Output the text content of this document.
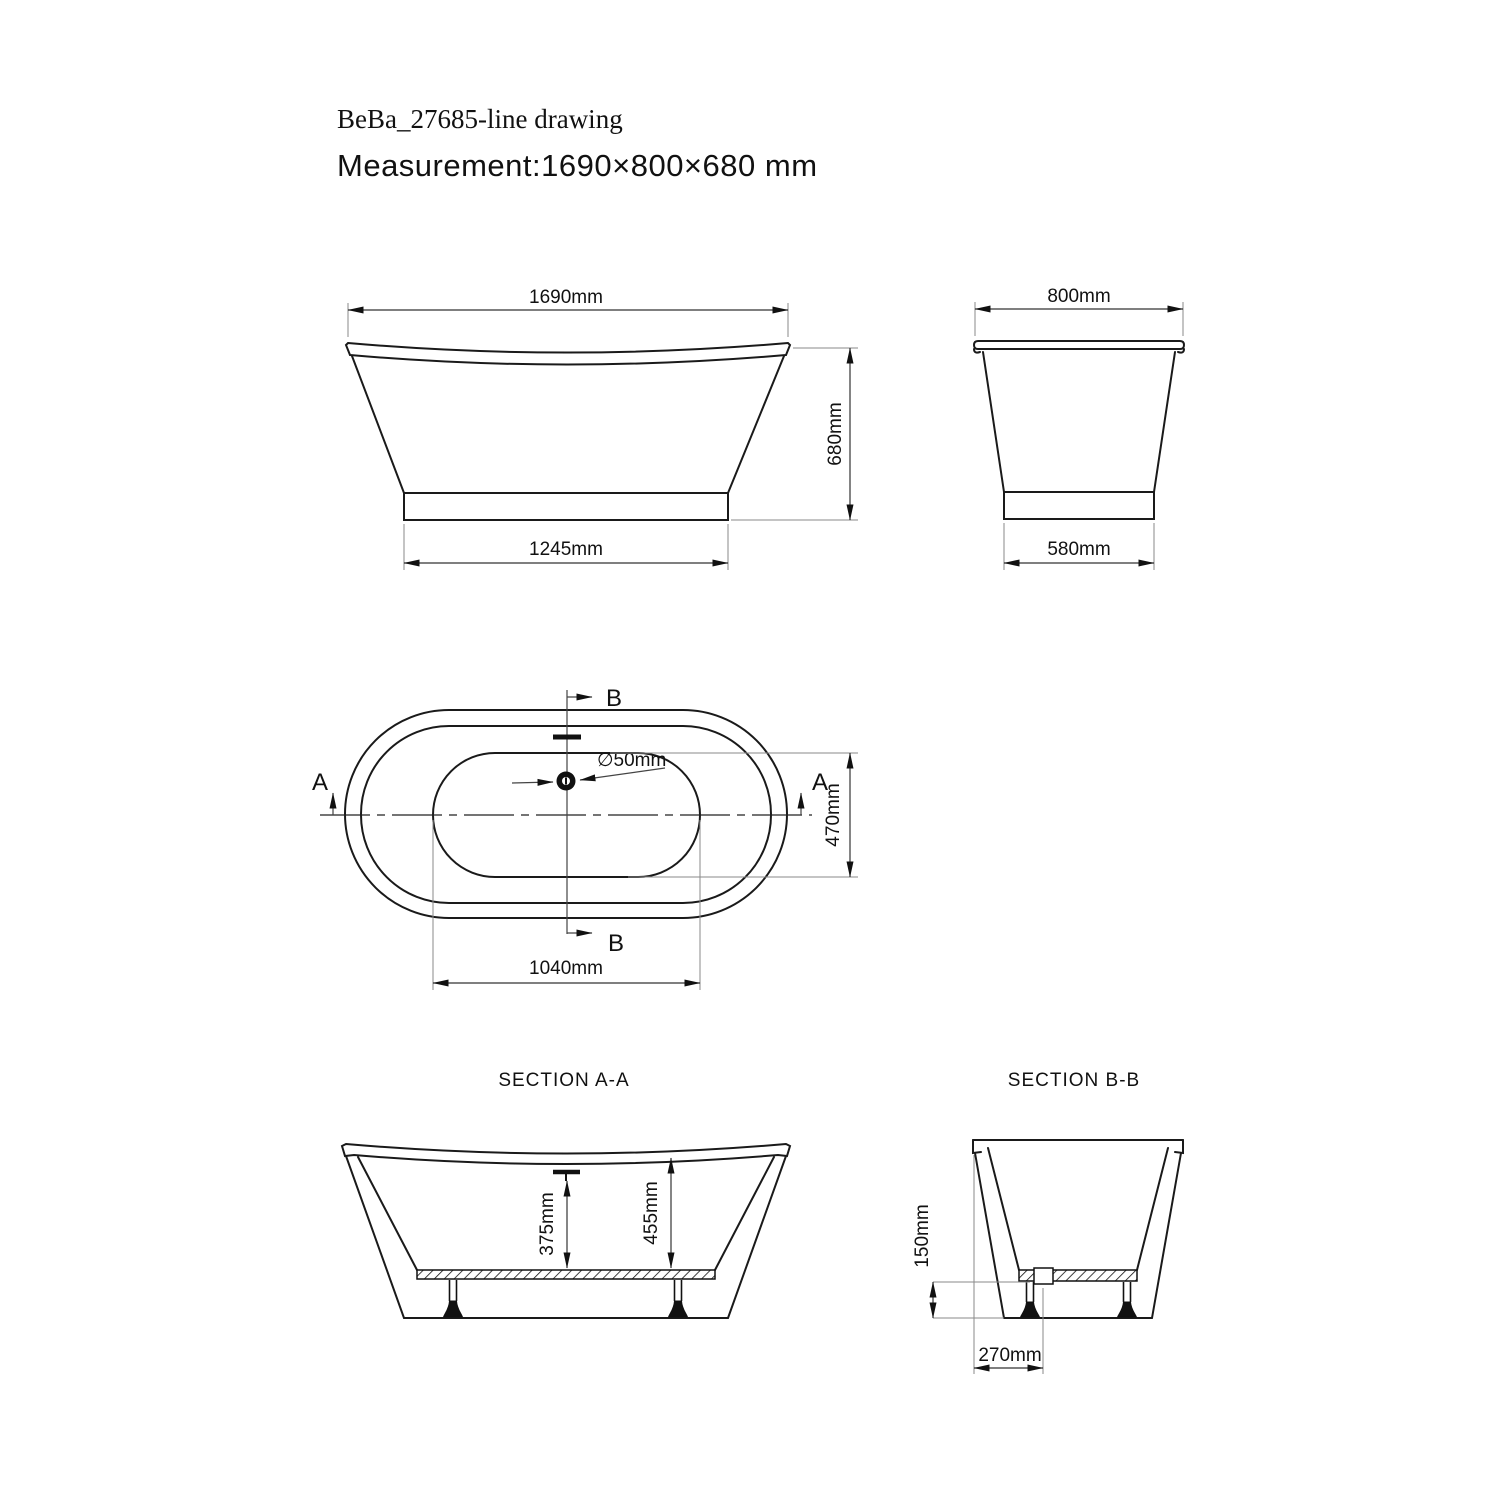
BeBa_27685-line drawing
Measurement:1690×800×680 mm
1690mm
680mm
1245mm
800mm
580mm
B
B
A	A
∅50mm
470mm
1040mm
SECTION A-A
375mm	455mm
SECTION B-B
150mm
270mm
